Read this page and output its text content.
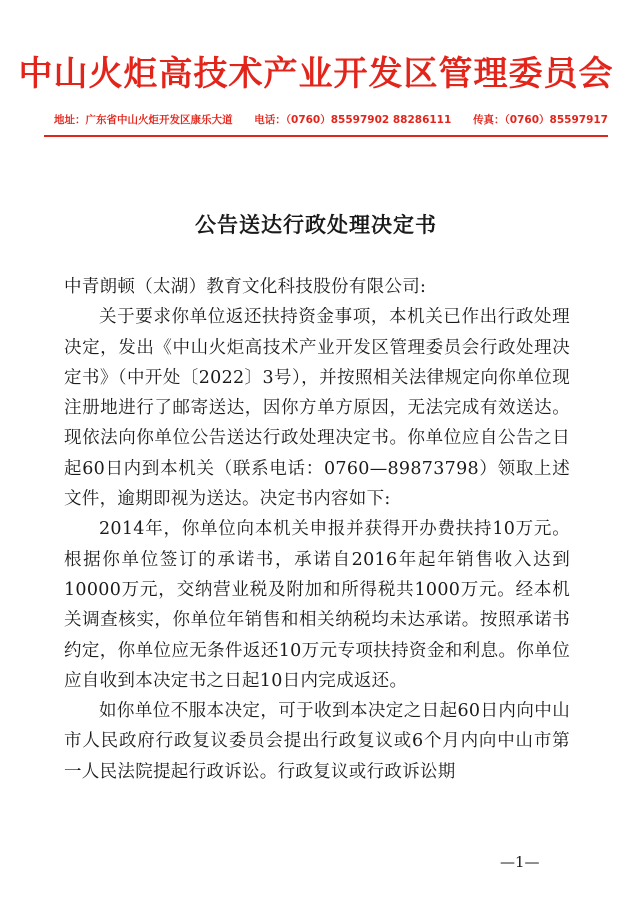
中山火炬高技术产业开发区管理委员会
地址：广东省中山火炬开发区康乐大道 电话：（0760）85597902 88286111 传真：（0760）85597917
公告送达行政处理决定书

中青朗顿（太湖）教育文化科技股份有限公司:

关于要求你单位返还扶持资金事项，本机关已作出行政处理决定，发出《中山火炬高技术产业开发区管理委员会行政处理决定书》（中开处〔2022〕3号），并按照相关法律规定向你单位现注册地进行了邮寄送达，因你方单方原因，无法完成有效送达。现依法向你单位公告送达行政处理决定书。你单位应自公告之日起60日内到本机关（联系电话：0760—89873798）领取上述文件，逾期即视为送达。决定书内容如下:

2014年，你单位向本机关申报并获得开办费扶持10万元。根据你单位签订的承诺书，承诺自2016年起年销售收入达到10000万元，交纳营业税及附加和所得税共1000万元。经本机关调查核实，你单位年销售和相关纳税均未达承诺。按照承诺书约定，你单位应无条件返还10万元专项扶持资金和利息。你单位应自收到本决定书之日起10日内完成返还。

如你单位不服本决定，可于收到本决定之日起60日内向中山市人民政府行政复议委员会提出行政复议或6个月内向中山市第一人民法院提起行政诉讼。行政复议或行政诉讼期

—1—
